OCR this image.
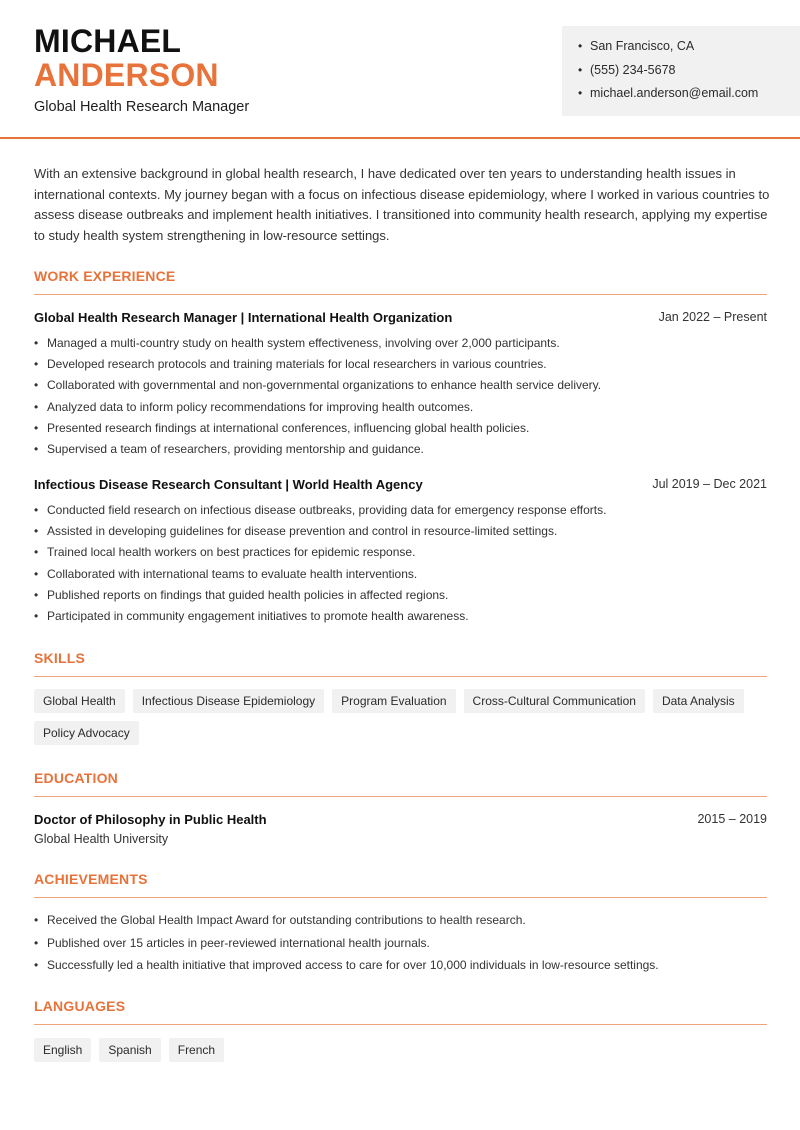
MICHAEL
ANDERSON
Global Health Research Manager
• San Francisco, CA
• (555) 234-5678
• michael.anderson@email.com
With an extensive background in global health research, I have dedicated over ten years to understanding health issues in international contexts. My journey began with a focus on infectious disease epidemiology, where I worked in various countries to assess disease outbreaks and implement health initiatives. I transitioned into community health research, applying my expertise to study health system strengthening in low-resource settings.
WORK EXPERIENCE
Global Health Research Manager | International Health Organization	Jan 2022 – Present
• Managed a multi-country study on health system effectiveness, involving over 2,000 participants.
• Developed research protocols and training materials for local researchers in various countries.
• Collaborated with governmental and non-governmental organizations to enhance health service delivery.
• Analyzed data to inform policy recommendations for improving health outcomes.
• Presented research findings at international conferences, influencing global health policies.
• Supervised a team of researchers, providing mentorship and guidance.
Infectious Disease Research Consultant | World Health Agency	Jul 2019 – Dec 2021
• Conducted field research on infectious disease outbreaks, providing data for emergency response efforts.
• Assisted in developing guidelines for disease prevention and control in resource-limited settings.
• Trained local health workers on best practices for epidemic response.
• Collaborated with international teams to evaluate health interventions.
• Published reports on findings that guided health policies in affected regions.
• Participated in community engagement initiatives to promote health awareness.
SKILLS
Global Health	Infectious Disease Epidemiology	Program Evaluation	Cross-Cultural Communication	Data Analysis
Policy Advocacy
EDUCATION
Doctor of Philosophy in Public Health	2015 – 2019
Global Health University
ACHIEVEMENTS
• Received the Global Health Impact Award for outstanding contributions to health research.
• Published over 15 articles in peer-reviewed international health journals.
• Successfully led a health initiative that improved access to care for over 10,000 individuals in low-resource settings.
LANGUAGES
English	Spanish	French
